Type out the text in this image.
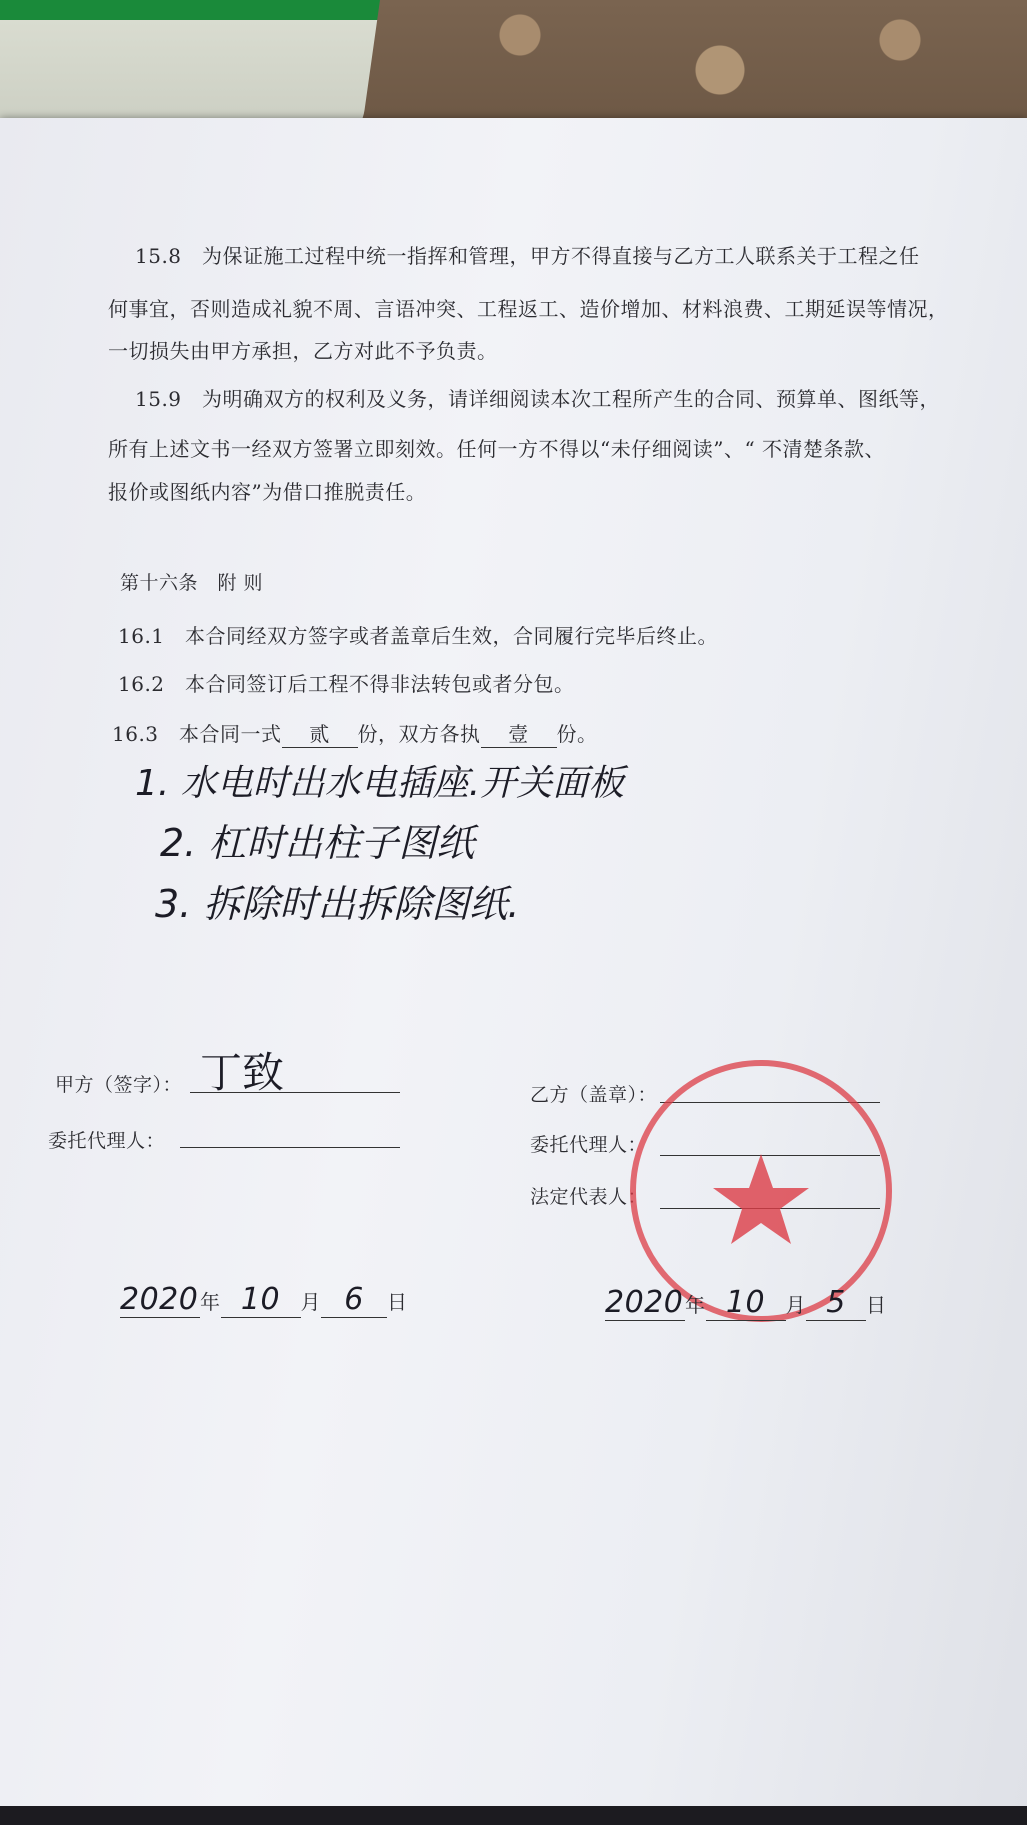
15.8　为保证施工过程中统一指挥和管理，甲方不得直接与乙方工人联系关于工程之任
何事宜，否则造成礼貌不周、言语冲突、工程返工、造价增加、材料浪费、工期延误等情况，
一切损失由甲方承担，乙方对此不予负责。
15.9　为明确双方的权利及义务，请详细阅读本次工程所产生的合同、预算单、图纸等，
所有上述文书一经双方签署立即刻效。任何一方不得以“未仔细阅读”、“ 不清楚条款、
报价或图纸内容”为借口推脱责任。
第十六条　附 则
16.1　本合同经双方签字或者盖章后生效，合同履行完毕后终止。
16.2　本合同签订后工程不得非法转包或者分包。
16.3　本合同一式 贰 份，双方各执 壹 份。
1. 水电时出水电插座.开关面板
2. 杠时出柱子图纸
3. 拆除时出拆除图纸.
甲方（签字）： 丁致
委托代理人：
乙方（盖章）：
委托代理人：
法定代表人：
2020年 10 月 6 日	2020年 10 月 5 日
